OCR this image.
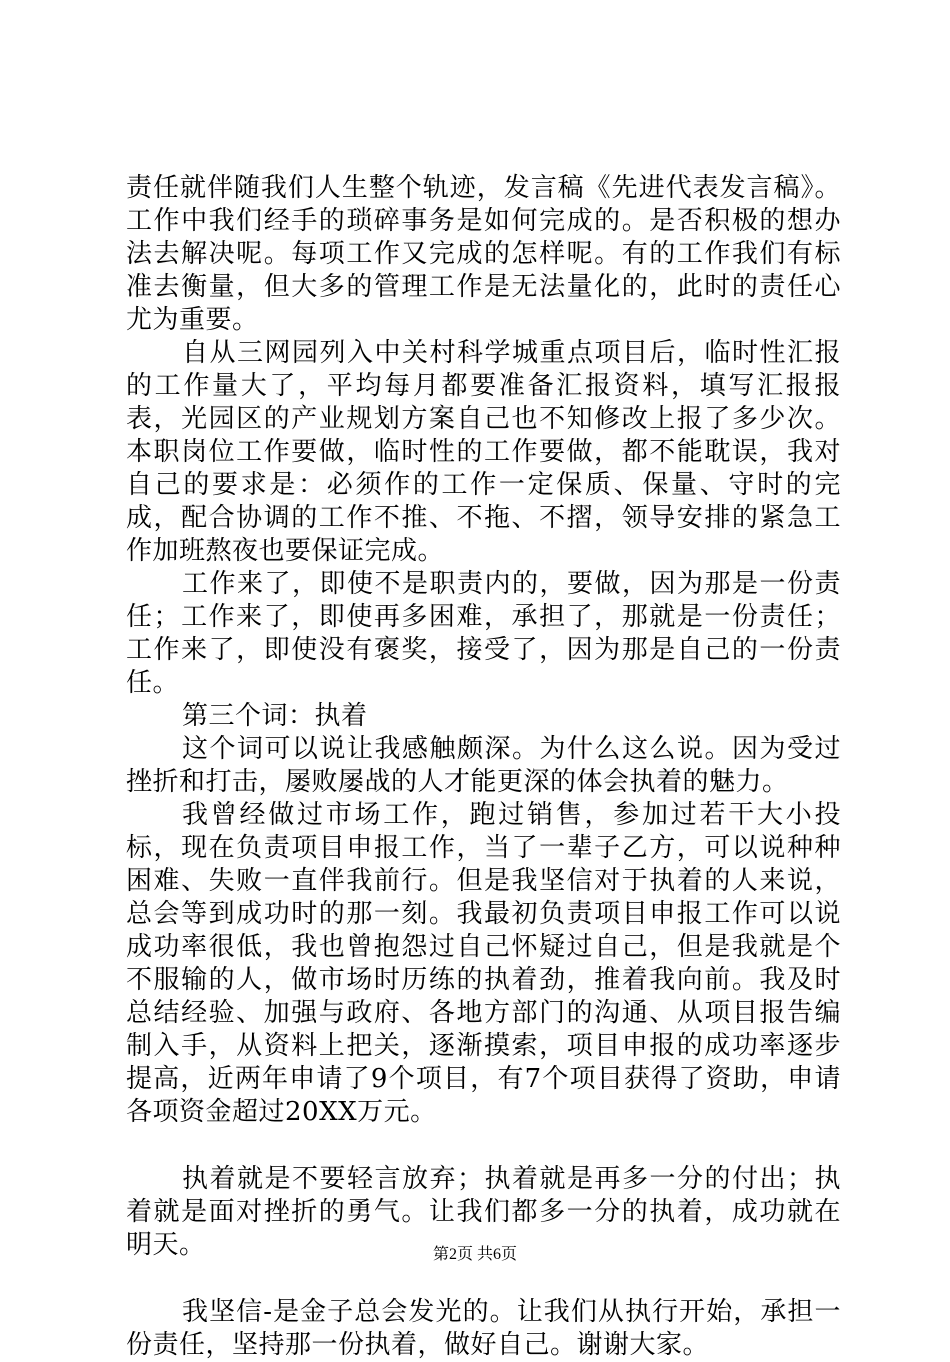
责任就伴随我们人生整个轨迹，发言稿《先进代表发言稿》。工作中我们经手的琐碎事务是如何完成的。是否积极的想办法去解决呢。每项工作又完成的怎样呢。有的工作我们有标准去衡量，但大多的管理工作是无法量化的，此时的责任心尤为重要。

自从三网园列入中关村科学城重点项目后，临时性汇报的工作量大了，平均每月都要准备汇报资料，填写汇报报表，光园区的产业规划方案自己也不知修改上报了多少次。本职岗位工作要做，临时性的工作要做，都不能耽误，我对自己的要求是：必须作的工作一定保质、保量、守时的完成，配合协调的工作不推、不拖、不摺，领导安排的紧急工作加班熬夜也要保证完成。

工作来了，即使不是职责内的，要做，因为那是一份责任；工作来了，即使再多困难，承担了，那就是一份责任；工作来了，即使没有褒奖，接受了，因为那是自己的一份责任。

第三个词：执着

这个词可以说让我感触颇深。为什么这么说。因为受过挫折和打击，屡败屡战的人才能更深的体会执着的魅力。

我曾经做过市场工作，跑过销售，参加过若干大小投标，现在负责项目申报工作，当了一辈子乙方，可以说种种困难、失败一直伴我前行。但是我坚信对于执着的人来说，总会等到成功时的那一刻。我最初负责项目申报工作可以说成功率很低，我也曾抱怨过自己怀疑过自己，但是我就是个不服输的人，做市场时历练的执着劲，推着我向前。我及时总结经验、加强与政府、各地方部门的沟通、从项目报告编制入手，从资料上把关，逐渐摸索，项目申报的成功率逐步提高，近两年申请了9个项目，有7个项目获得了资助，申请各项资金超过20XX万元。

执着就是不要轻言放弃；执着就是再多一分的付出；执着就是面对挫折的勇气。让我们都多一分的执着，成功就在明天。

我坚信-是金子总会发光的。让我们从执行开始，承担一份责任，坚持那一份执着，做好自己。谢谢大家。

第2页 共6页
